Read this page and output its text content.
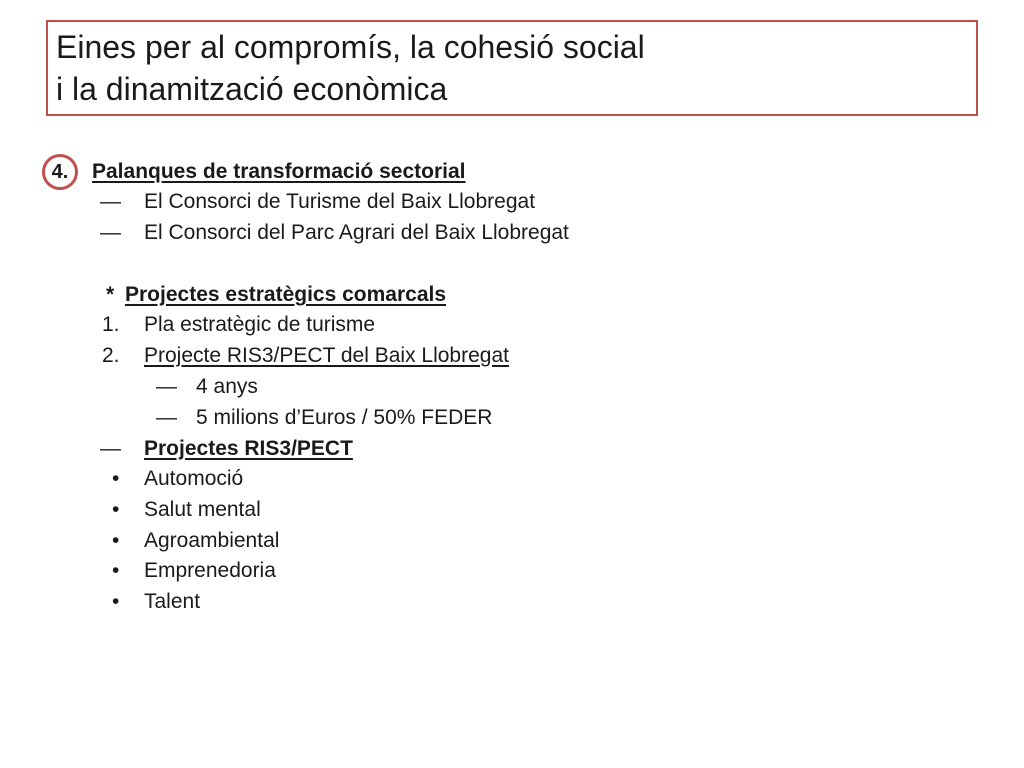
Eines per al compromís, la cohesió social
i la dinamització econòmica
4.	Palanques de transformació sectorial
— El Consorci de Turisme del Baix Llobregat
— El Consorci del Parc Agrari del Baix Llobregat
* Projectes estratègics comarcals
1. Pla estratègic de turisme
2. Projecte RIS3/PECT del Baix Llobregat
— 4 anys
— 5 milions d’Euros / 50% FEDER
— Projectes RIS3/PECT
• Automoció
• Salut mental
• Agroambiental
• Emprenedoria
• Talent
